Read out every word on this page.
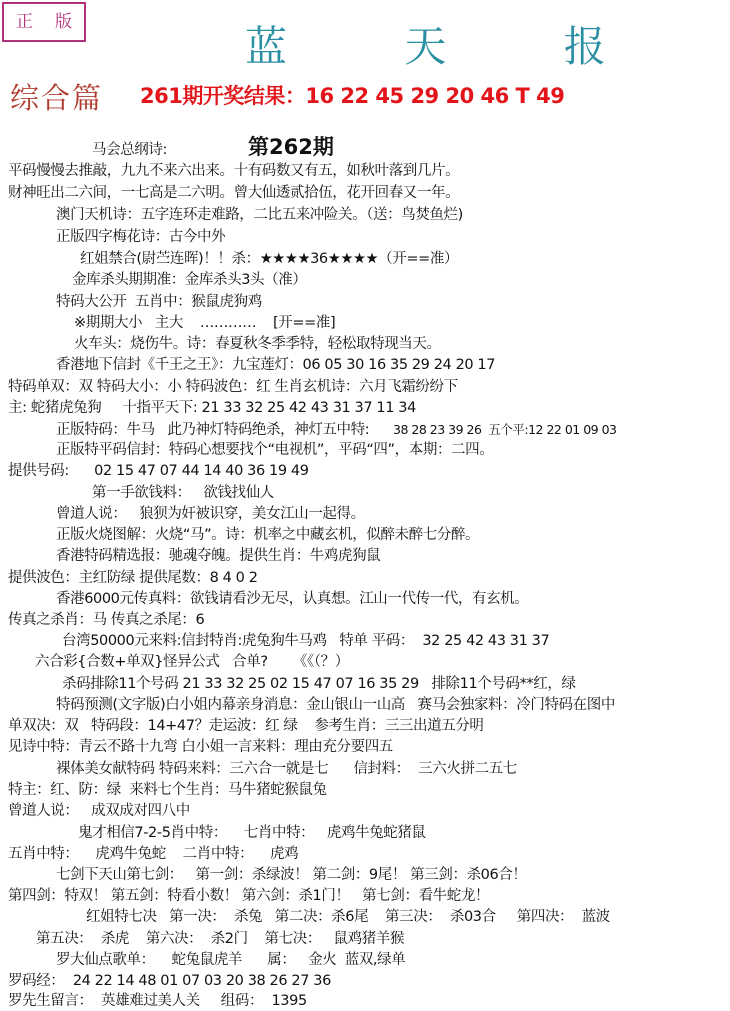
正 版
蓝 天 报
综合篇 261期开奖结果：16 22 45 29 20 46 T 49
第262期
马会总纲诗:
平码慢慢去推敲，九九不来六出来。十有码数又有五，如秋叶落到几片。
财神旺出二六间，一七高是二六明。曾大仙透贰拾伍，花开回春又一年。
澳门天机诗：五字连环走难路，二比五来冲险关。（送：鸟焚鱼烂)
正版四字梅花诗：古今中外
红姐禁合(尉苎连晖)！！杀：★★★★36★★★★（开==准）
金库杀头期期准：金库杀头3头（准）
特码大公开  五肖中：猴鼠虎狗鸡
※期期大小   主大    …………    [开==准]
火车头：烧伤牛。诗：春夏秋冬季季特，轻松取特现当天。
香港地下信封《千王之王》：九宝莲灯：06 05 30 16 35 29 24 20 17
特码单双：双 特码大小：小 特码波色：红 生肖玄机诗：六月飞霜纷纷下
主: 蛇猪虎兔狗     十指平天下: 21 33 32 25 42 43 31 37 11 34
正版特码：牛马   此乃神灯特码绝杀，神灯五中特: 38 28 23 39 26  五个平:12 22 01 09 03
正版特平码信封：特码心想要找个“电视机”，平码“四”，本期：二四。
提供号码:      02 15 47 07 44 14 40 36 19 49
第一手欲钱料：   欲钱找仙人
曾道人说：   狼狈为奸被识穿，美女江山一起得。
正版火烧图解：火烧“马”。诗：机率之中藏玄机，似醉未醉七分醉。
香港特码精选报：驰魂夺魄。提供生肖：牛鸡虎狗鼠
提供波色：主红防绿 提供尾数：8 4 0 2
香港6000元传真料：欲钱请看沙无尽，认真想。江山一代传一代，有玄机。
传真之杀肖：马 传真之杀尾：6
台湾50000元来料:信封特肖:虎兔狗牛马鸡   特单 平码：  32 25 42 43 31 37
六合彩{合数+单双}怪异公式   合单?      《《（？）
杀码排除11个号码 21 33 32 25 02 15 47 07 16 35 29   排除11个号码**红，绿
特码预测(文字版)白小姐内幕亲身消息：金山银山一山高   赛马会独家料：冷门特码在图中
单双决：双   特码段：14+47？走运波：红 绿    参考生肖：三三出道五分明
见诗中特：青云不路十九弯 白小姐一言来料：理由充分要四五
裸体美女献特码 特码来料：三六合一就是七      信封料：  三六火拼二五七
特主：红、防：绿  来料七个生肖：马牛猪蛇猴鼠兔
曾道人说：   成双成对四八中
鬼才相信7-2-5肖中特：    七肖中特：   虎鸡牛兔蛇猪鼠
五肖中特：    虎鸡牛兔蛇    二肖中特：    虎鸡
七剑下天山第七剑：   第一剑：杀绿波！ 第二剑：9尾！ 第三剑：杀06合！
第四剑：特双！ 第五剑：特看小数！ 第六剑：杀1门！   第七剑：看牛蛇龙！
红姐特七决   第一决：  杀兔   第二决：杀6尾    第三决：  杀03合     第四决：  蓝波
第五决：  杀虎    第六决：  杀2门    第七决：   鼠鸡猪羊猴
罗大仙点歌单：    蛇兔鼠虎羊      属：   金火  蓝双,绿单
罗码经：  24 22 14 48 01 07 03 20 38 26 27 36
罗先生留言：  英雄难过美人关     组码：  1395
